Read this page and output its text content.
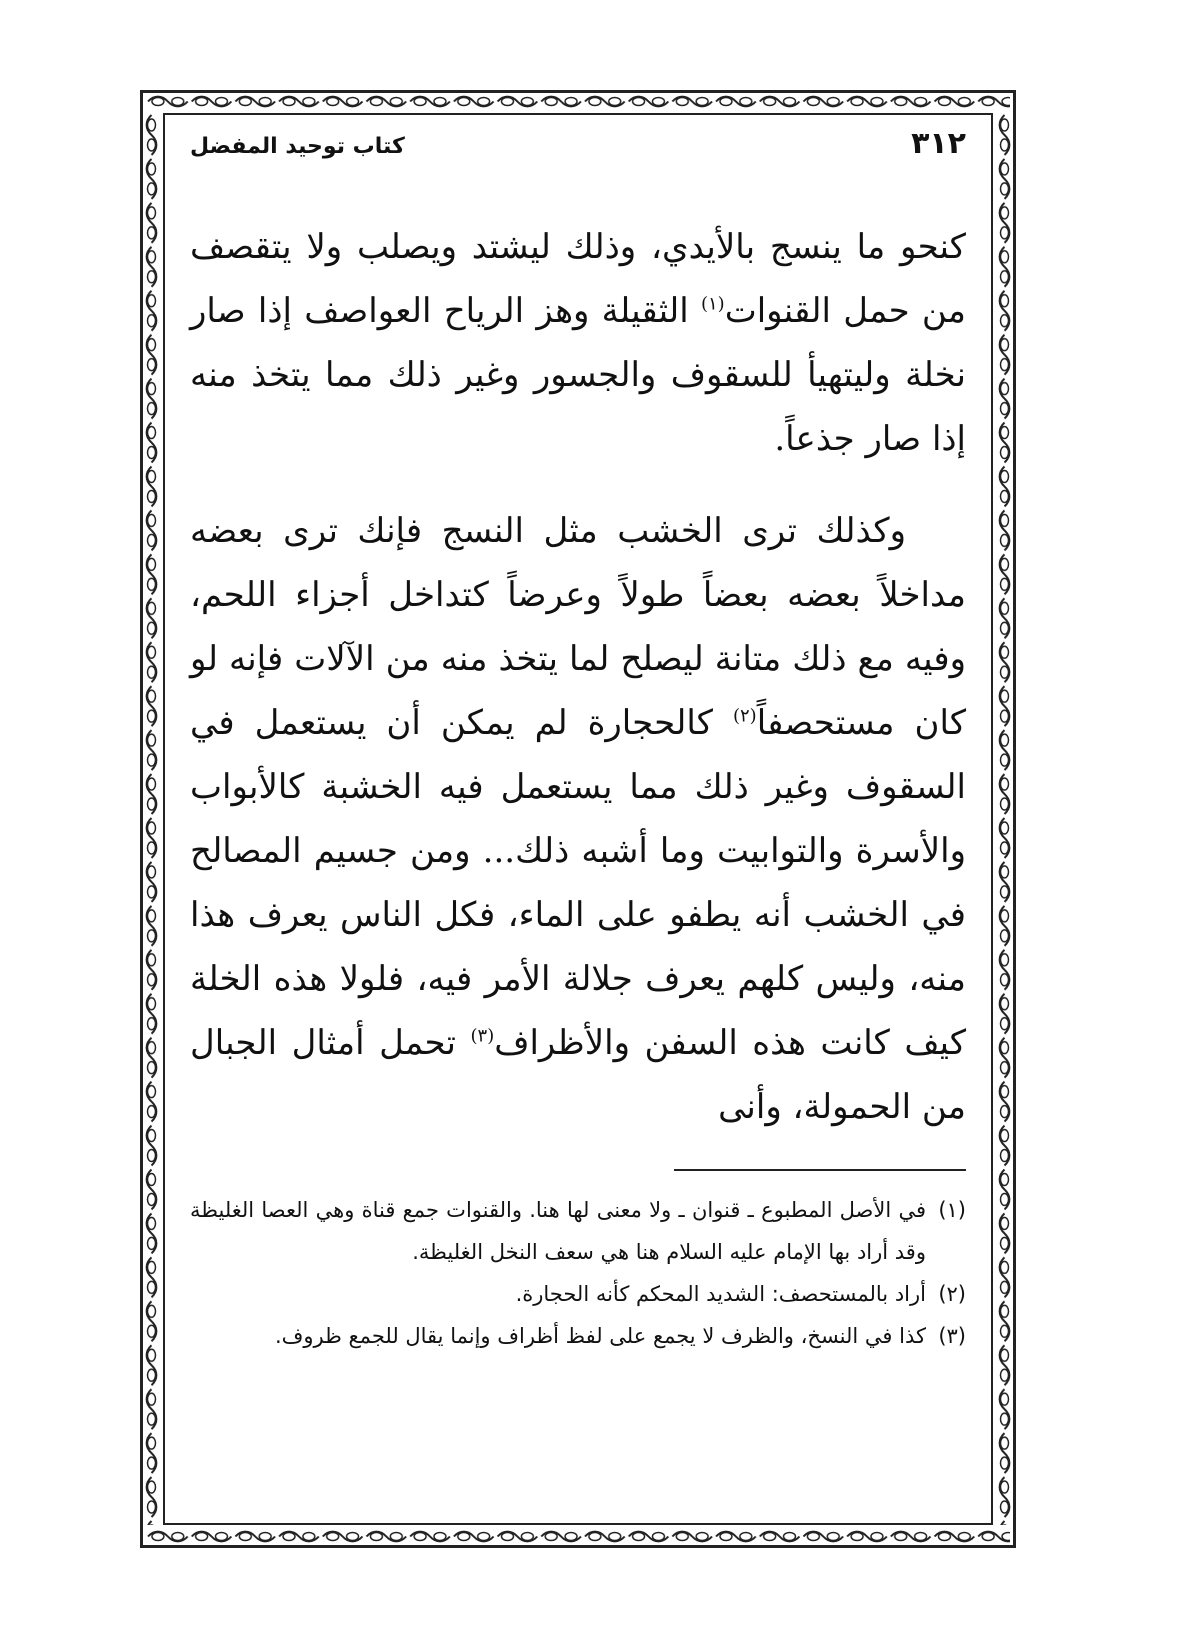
٣١٢
كتاب توحيد المفضل

كنحو ما ينسج بالأيدي، وذلك ليشتد ويصلب ولا يتقصف من حمل القنوات$^{(١)}$ الثقيلة وهز الرياح العواصف إذا صار نخلة وليتهيأ للسقوف والجسور وغير ذلك مما يتخذ منه إذا صار جذعاً.

وكذلك ترى الخشب مثل النسج فإنك ترى بعضه مداخلاً بعضه بعضاً طولاً وعرضاً كتداخل أجزاء اللحم، وفيه مع ذلك متانة ليصلح لما يتخذ منه من الآلات فإنه لو كان مستحصفاً$^{(٢)}$ كالحجارة لم يمكن أن يستعمل في السقوف وغير ذلك مما يستعمل فيه الخشبة كالأبواب والأسرة والتوابيت وما أشبه ذلك... ومن جسيم المصالح في الخشب أنه يطفو على الماء، فكل الناس يعرف هذا منه، وليس كلهم يعرف جلالة الأمر فيه، فلولا هذه الخلة كيف كانت هذه السفن والأظراف$^{(٣)}$ تحمل أمثال الجبال من الحمولة، وأنى

(١)
في الأصل المطبوع ـ قنوان ـ ولا معنى لها هنا. والقنوات جمع قناة وهي العصا الغليظة وقد أراد بها الإمام عليه السلام هنا هي سعف النخل الغليظة.
(٢)
أراد بالمستحصف: الشديد المحكم كأنه الحجارة.
(٣)
كذا في النسخ، والظرف لا يجمع على لفظ أظراف وإنما يقال للجمع ظروف.
